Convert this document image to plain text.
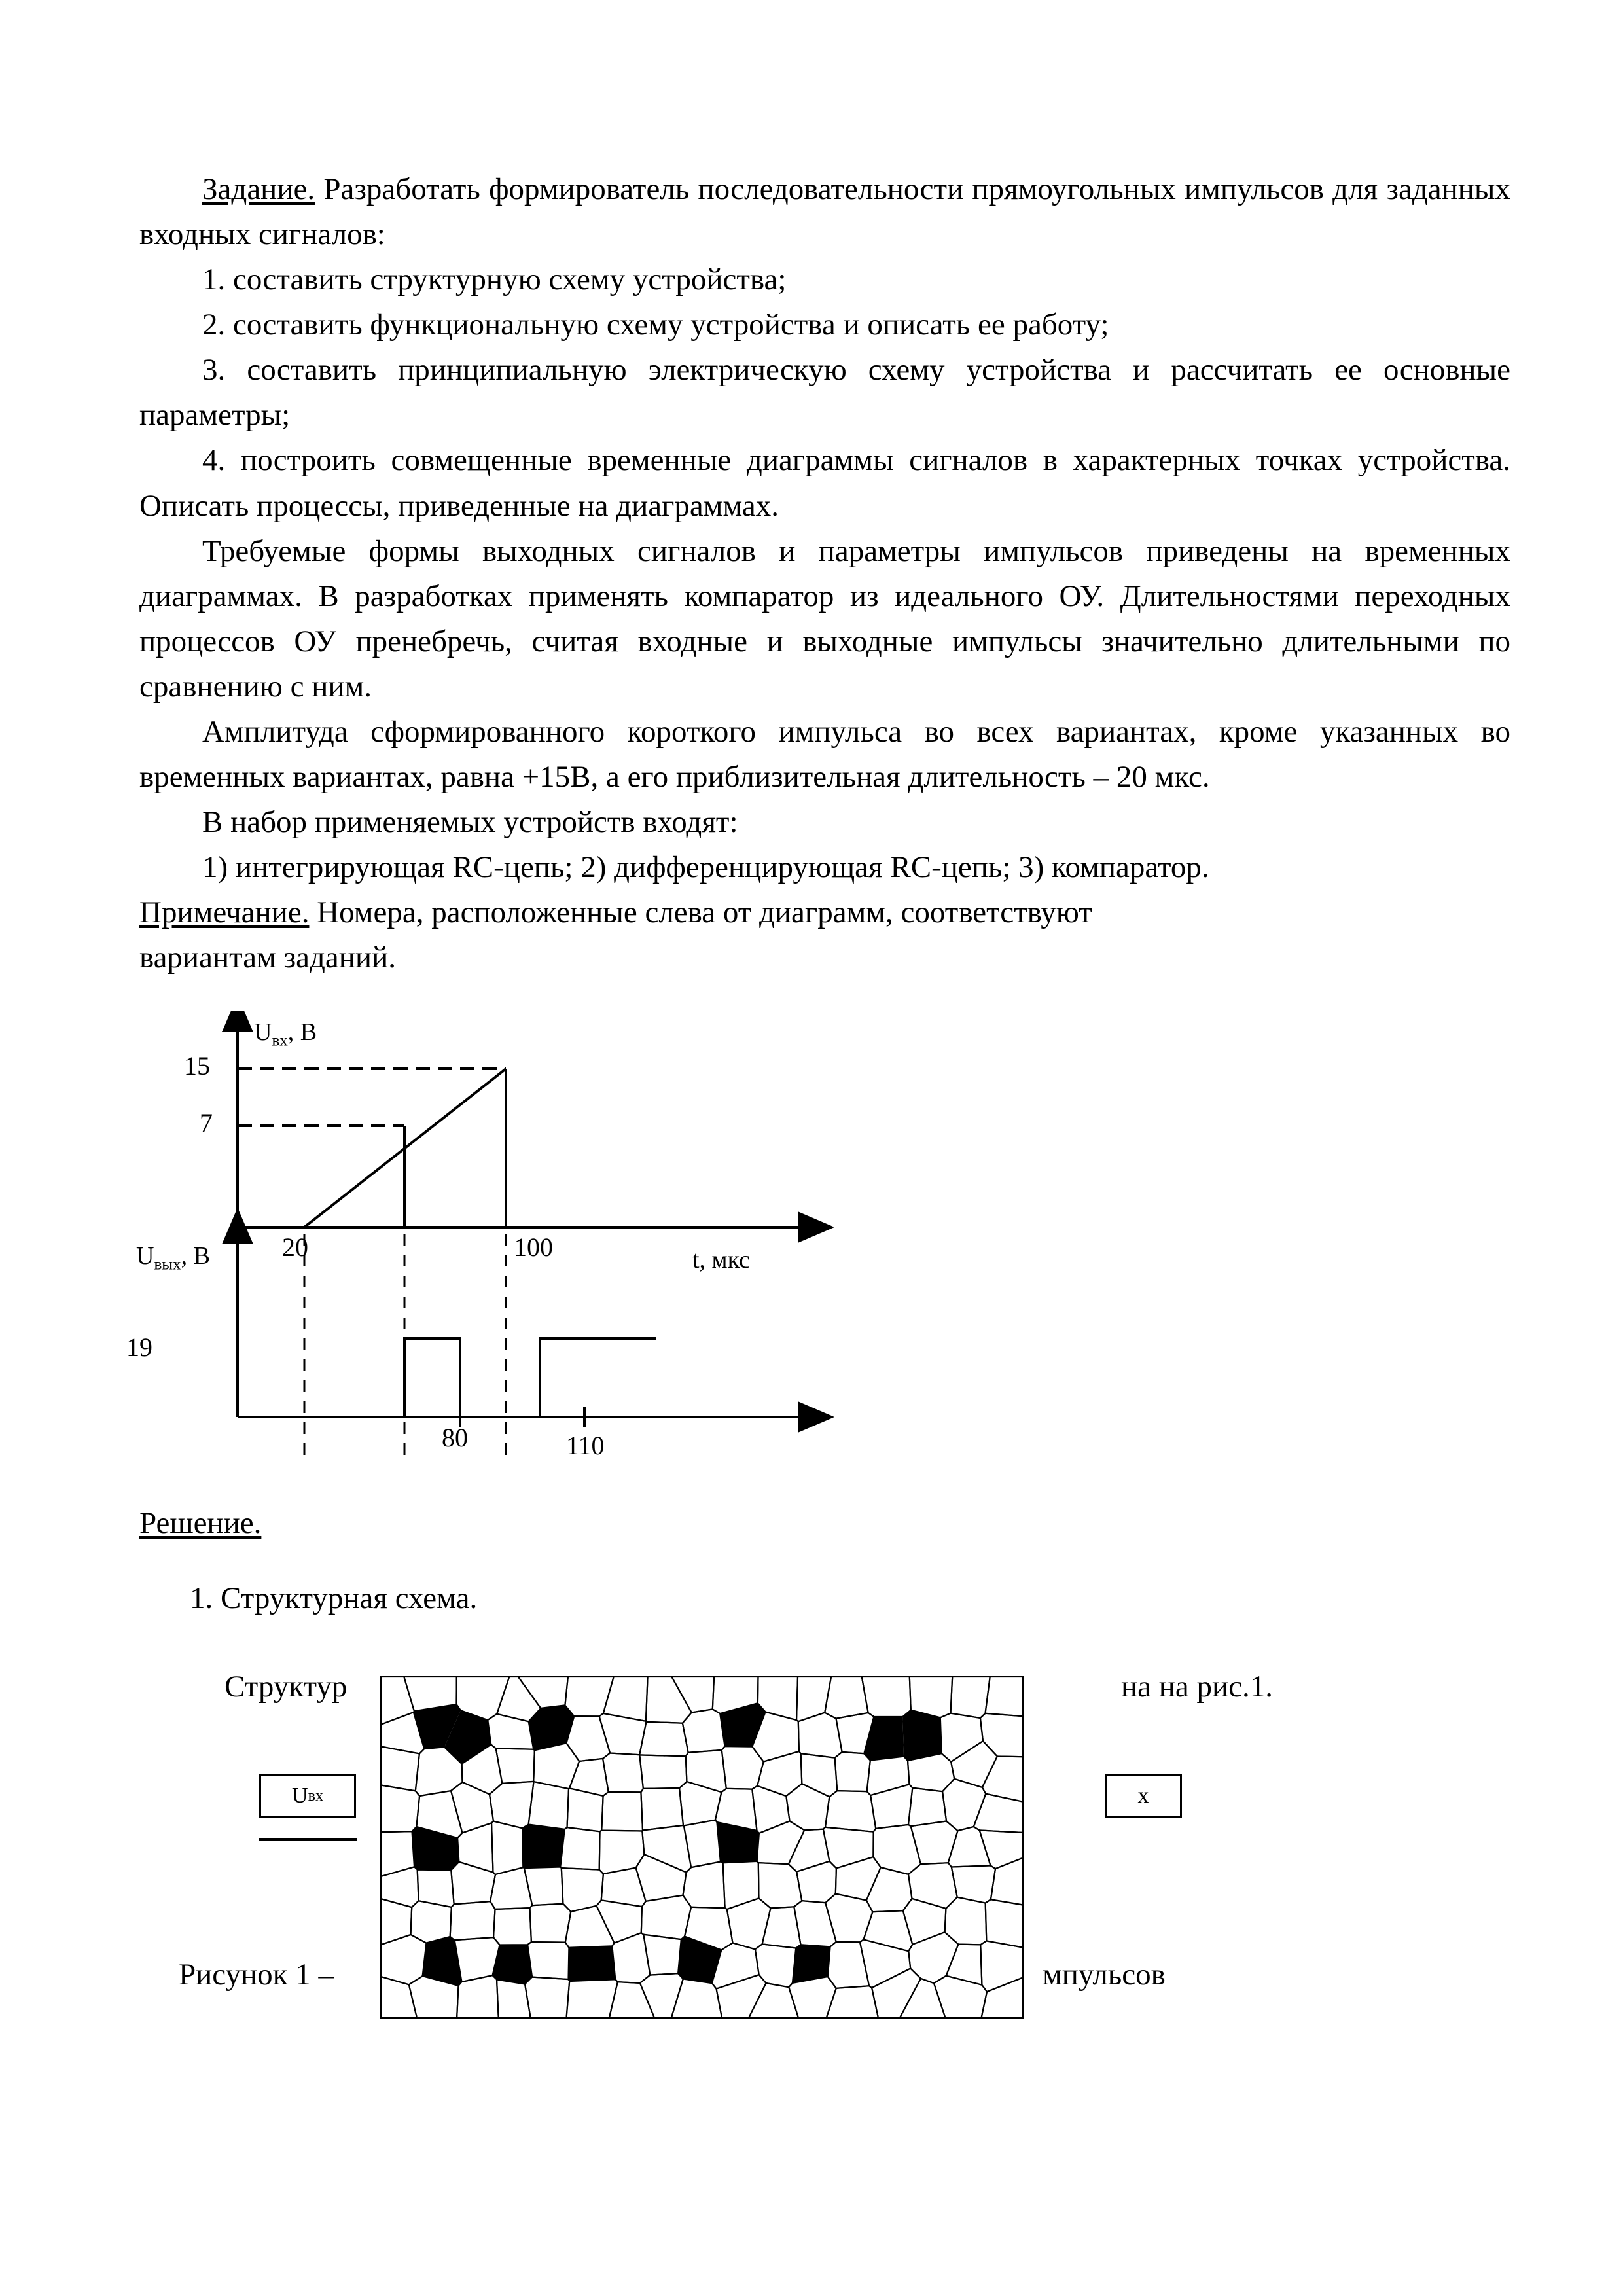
Задание. Разработать формирователь последовательности прямоугольных импульсов для заданных входных сигналов:

1. составить структурную схему устройства;

2. составить функциональную схему устройства и описать ее работу;

3. составить принципиальную электрическую схему устройства и рассчитать ее основные параметры;

4. построить совмещенные временные диаграммы сигналов в характерных точках устройства. Описать процессы, приведенные на диаграммах.

Требуемые формы выходных сигналов и параметры импульсов приведены на временных диаграммах. В разработках применять компаратор из идеального ОУ. Длительностями переходных процессов ОУ пренебречь, считая входные и выходные импульсы значительно длительными по сравнению с ним.

Амплитуда сформированного короткого импульса во всех вариантах, кроме указанных во временных вариантах, равна +15В, а его приблизительная длительность – 20 мкс.

В набор применяемых устройств входят:

1) интегрирующая RC-цепь; 2) дифференцирующая RC-цепь; 3) компаратор.

Примечание. Номера, расположенные слева от диаграмм, соответствуют

вариантам заданий.

$U_{вх}$, В
15
7
20	100	t, мкс
$U_{вых}$, В
19
80	110
Решение.
1. Структурная схема.
Структур	на на рис.1.
U вх	х
Рисунок 1 –	мпульсов
